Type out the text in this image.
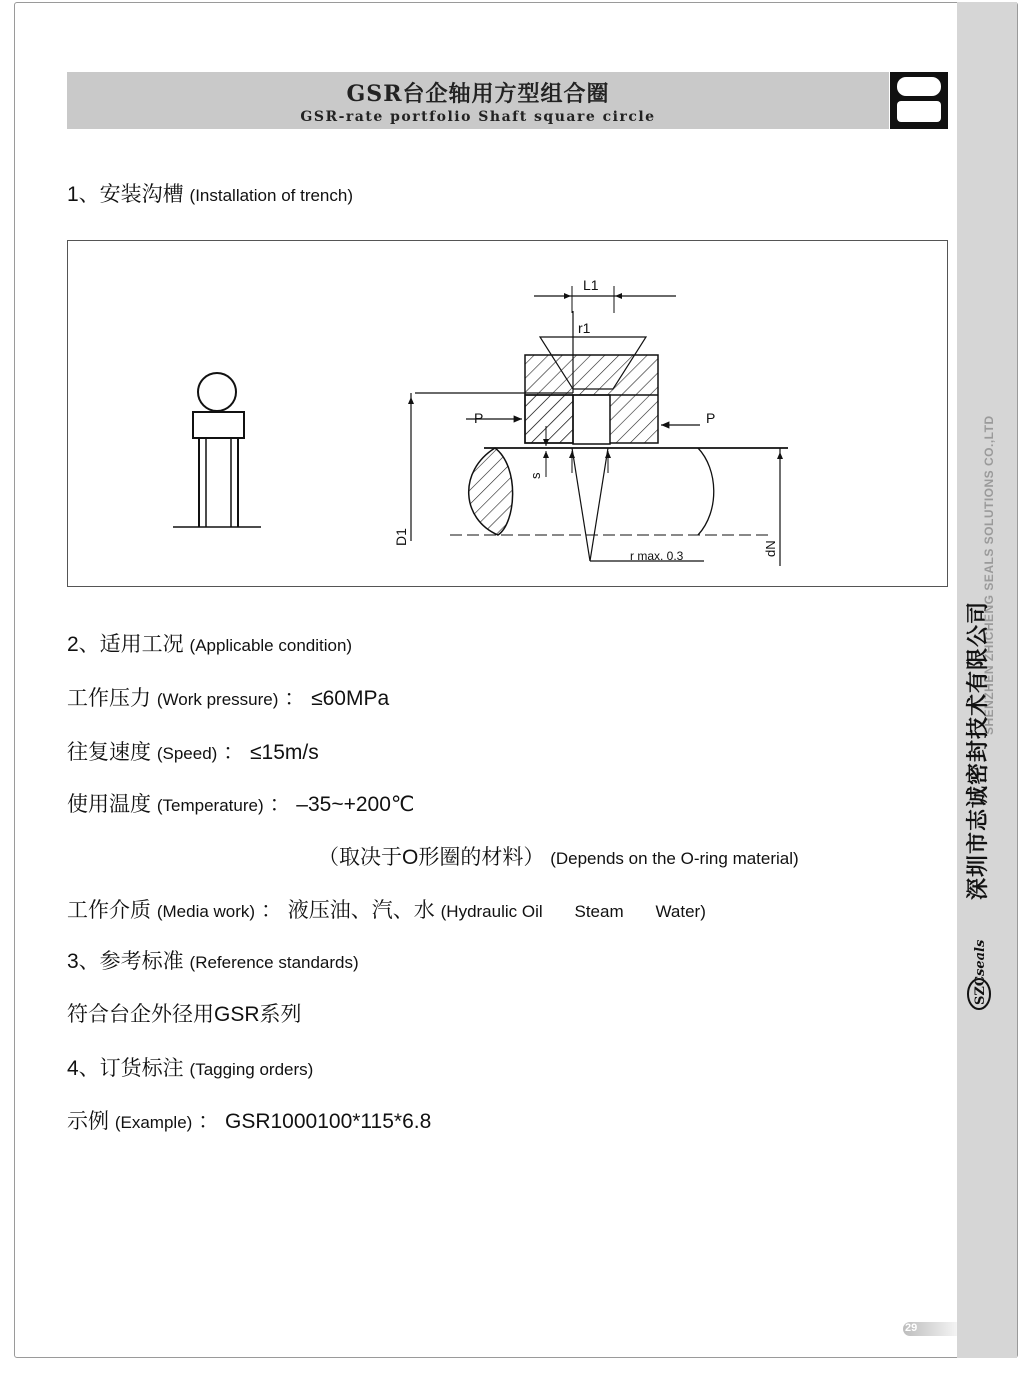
GSR台企轴用方型组合圈
GSR-rate portfolio Shaft square circle
1、安装沟槽 (Installation of trench)
L1
r1
P	P
s
D1
r max. 0.3	dN
2、适用工况 (Applicable condition)
工作压力 (Work pressure) ： ≤60MPa
往复速度 (Speed) ： ≤15m/s
使用温度 (Temperature) ： –35~+200℃
（取决于O形圈的材料） (Depends on the O-ring material)
工作介质 (Media work) ： 液压油、汽、水 (Hydraulic Oil Steam Water)
3、参考标准 (Reference standards)
符合台企外径用GSR系列
4、订货标注 (Tagging orders)
示例 (Example) ： GSR1000100*115*6.8
SHENZHEN ZHICHENG SEALS SOLUTIONS CO.,LTD
深圳市志诚密封技术有限公司
SZC
seals
29
